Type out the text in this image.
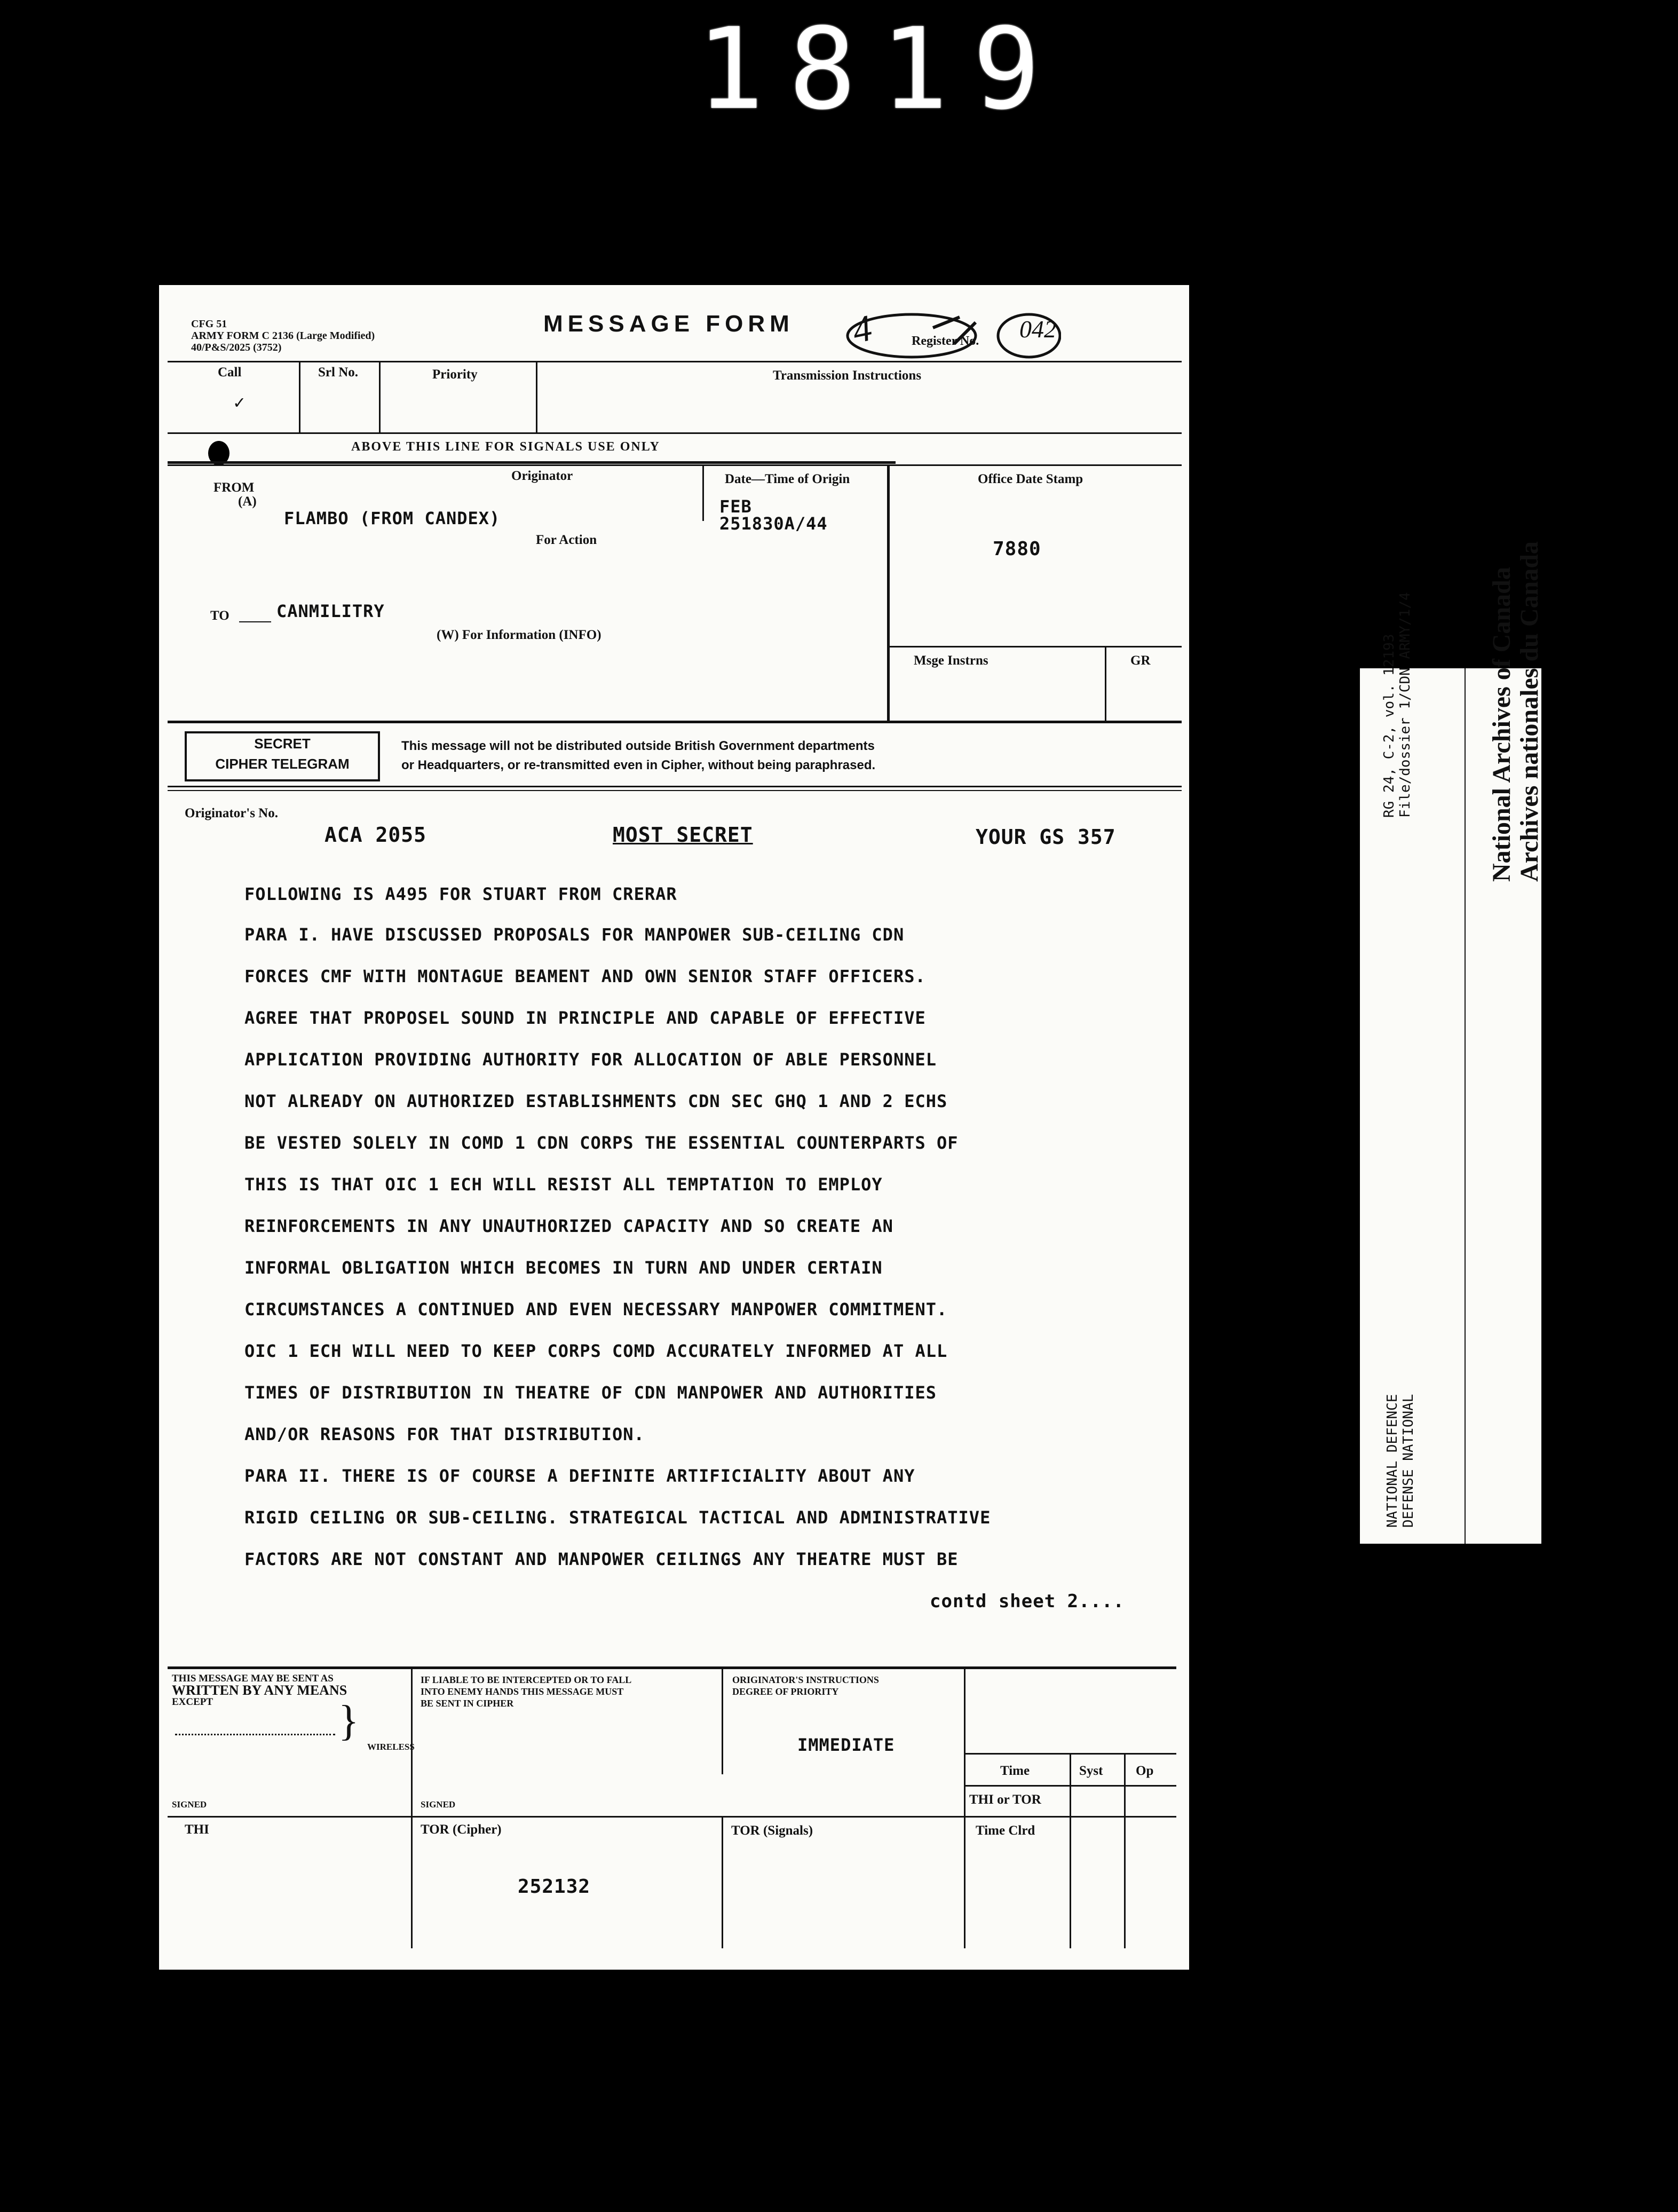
1819
CFG 51
ARMY FORM C 2136 (Large Modified)
40/P&S/2025 (3752)
MESSAGE FORM 4	Register No. 042
Call	Srl No.	Priority	Transmission Instructions
✓
ABOVE THIS LINE FOR SIGNALS USE ONLY
Originator	Date—Time of Origin	Office Date Stamp
FROM
(A)
FLAMBO (FROM CANDEX)
FEB
251830A/44
7880
For Action
TO	CANMILITRY
(W) For Information (INFO)
Msge Instrns	GR
SECRET
CIPHER TELEGRAM
This message will not be distributed outside British Government departments
or Headquarters, or re-transmitted even in Cipher, without being paraphrased.
Originator's No.
ACA 2055	MOST SECRET	YOUR GS 357
FOLLOWING IS A495 FOR STUART FROM CRERAR
PARA I. HAVE DISCUSSED PROPOSALS FOR MANPOWER SUB-CEILING CDN
FORCES CMF WITH MONTAGUE BEAMENT AND OWN SENIOR STAFF OFFICERS.
AGREE THAT PROPOSEL SOUND IN PRINCIPLE AND CAPABLE OF EFFECTIVE
APPLICATION PROVIDING AUTHORITY FOR ALLOCATION OF ABLE PERSONNEL
NOT ALREADY ON AUTHORIZED ESTABLISHMENTS CDN SEC GHQ 1 AND 2 ECHS
BE VESTED SOLELY IN COMD 1 CDN CORPS THE ESSENTIAL COUNTERPARTS OF
THIS IS THAT OIC 1 ECH WILL RESIST ALL TEMPTATION TO EMPLOY
REINFORCEMENTS IN ANY UNAUTHORIZED CAPACITY AND SO CREATE AN
INFORMAL OBLIGATION WHICH BECOMES IN TURN AND UNDER CERTAIN
CIRCUMSTANCES A CONTINUED AND EVEN NECESSARY MANPOWER COMMITMENT.
OIC 1 ECH WILL NEED TO KEEP CORPS COMD ACCURATELY INFORMED AT ALL
TIMES OF DISTRIBUTION IN THEATRE OF CDN MANPOWER AND AUTHORITIES
AND/OR REASONS FOR THAT DISTRIBUTION.
PARA II. THERE IS OF COURSE A DEFINITE ARTIFICIALITY ABOUT ANY
RIGID CEILING OR SUB-CEILING. STRATEGICAL TACTICAL AND ADMINISTRATIVE
FACTORS ARE NOT CONSTANT AND MANPOWER CEILINGS ANY THEATRE MUST BE
contd sheet 2....
THIS MESSAGE MAY BE SENT AS
WRITTEN BY ANY MEANS
EXCEPT	}
WIRELESS
SIGNED
IF LIABLE TO BE INTERCEPTED OR TO FALL
INTO ENEMY HANDS THIS MESSAGE MUST
BE SENT IN CIPHER
SIGNED
ORIGINATOR'S INSTRUCTIONS
DEGREE OF PRIORITY
IMMEDIATE
Time	Syst Op
THI or TOR
Time Clrd
THI	TOR (Cipher)
252132
TOR (Signals)
National Archives of Canada Archives nationales du Canada
RG 24, C-2, vol. 12193 File/dossier 1/CDN ARMY/1/4
NATIONAL DEFENCE DEFENSE NATIONAL
